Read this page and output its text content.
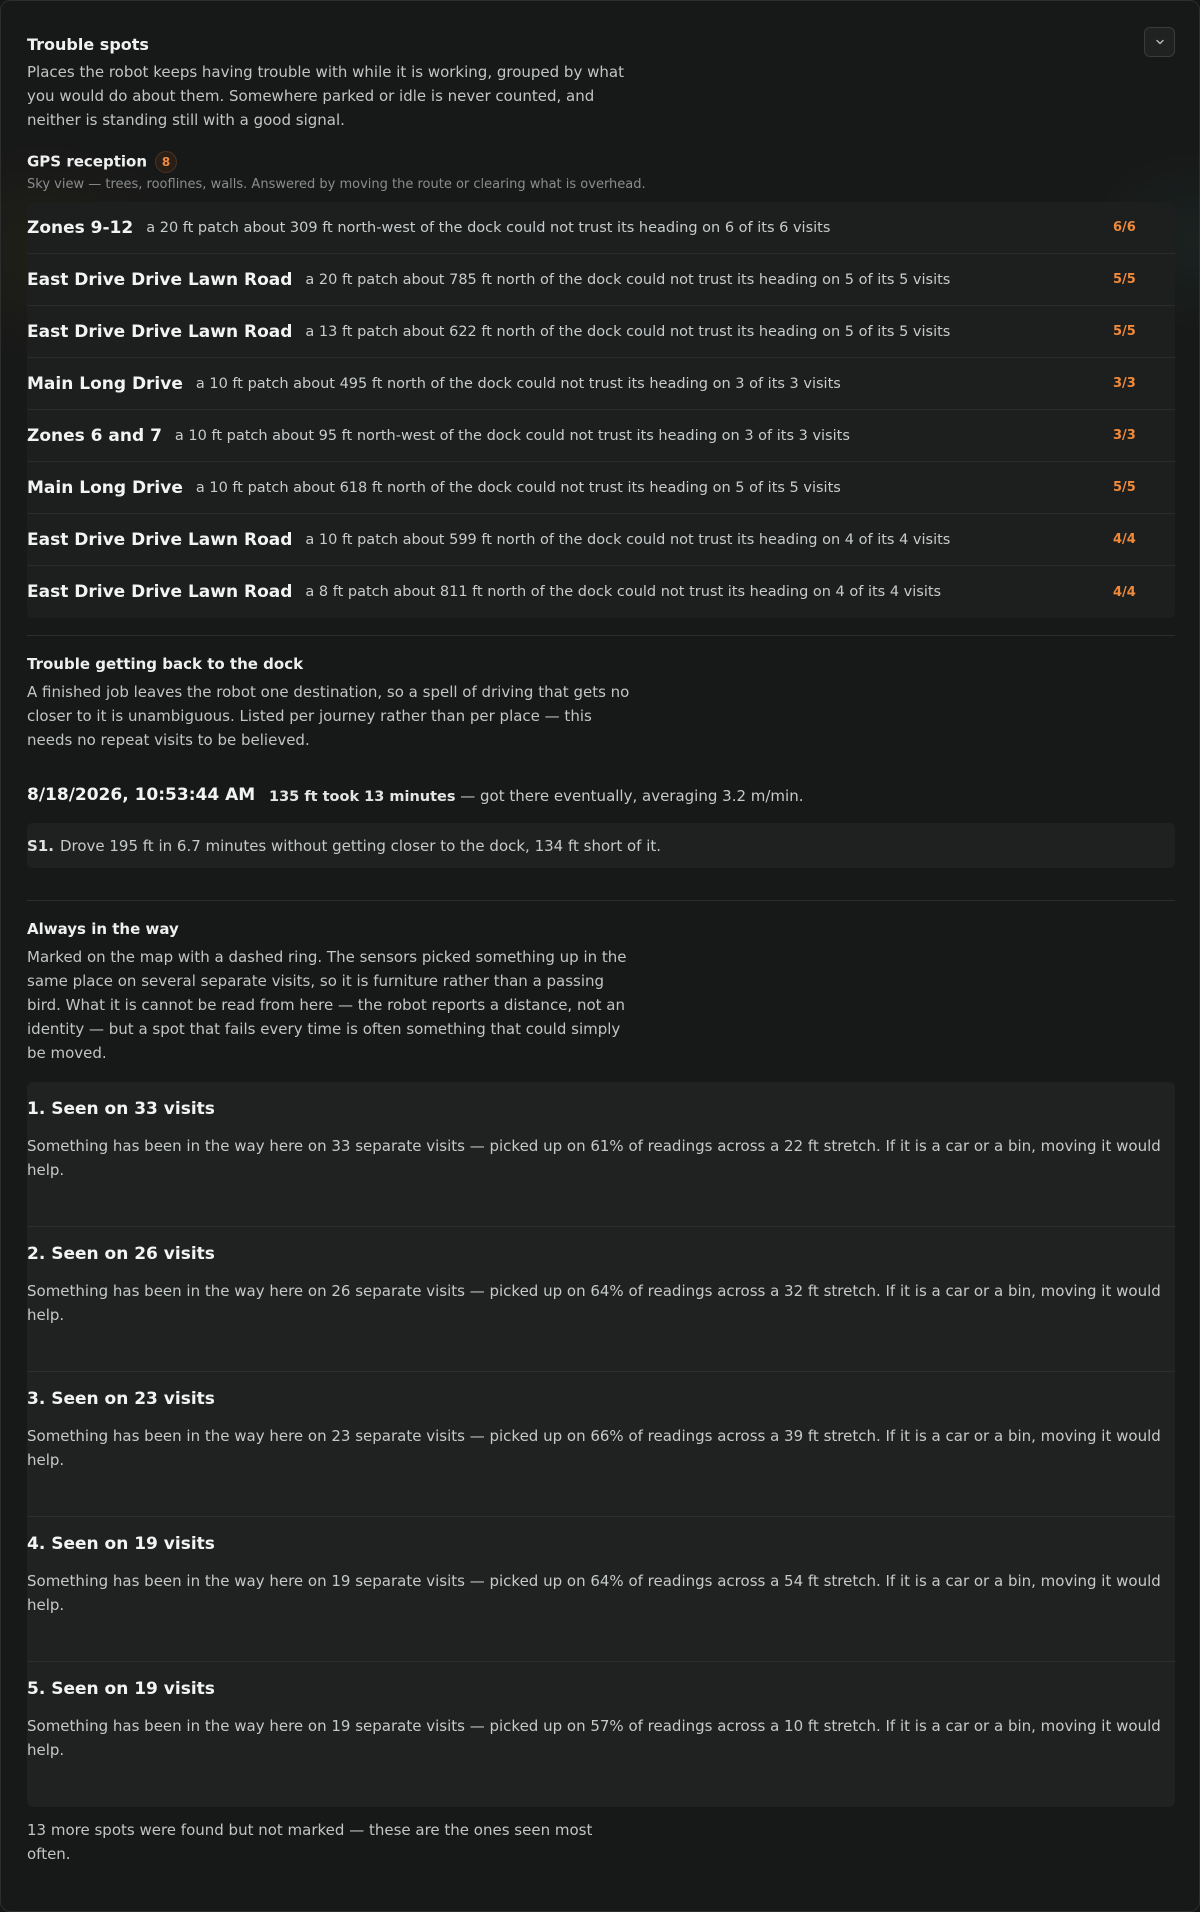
Trouble spots

Places the robot keeps having trouble with while it is working, grouped by what you would do about them. Somewhere parked or idle is never counted, and neither is standing still with a good signal.

GPS reception 8
Sky view — trees, rooflines, walls. Answered by moving the route or clearing what is overhead.
Zones 9-12 a 20 ft patch about 309 ft north-west of the dock could not trust its heading on 6 of its 6 visits	6/6
East Drive Drive Lawn Road a 20 ft patch about 785 ft north of the dock could not trust its heading on 5 of its 5 visits	5/5
East Drive Drive Lawn Road a 13 ft patch about 622 ft north of the dock could not trust its heading on 5 of its 5 visits	5/5
Main Long Drive a 10 ft patch about 495 ft north of the dock could not trust its heading on 3 of its 3 visits	3/3
Zones 6 and 7 a 10 ft patch about 95 ft north-west of the dock could not trust its heading on 3 of its 3 visits	3/3
Main Long Drive a 10 ft patch about 618 ft north of the dock could not trust its heading on 5 of its 5 visits	5/5
East Drive Drive Lawn Road a 10 ft patch about 599 ft north of the dock could not trust its heading on 4 of its 4 visits	4/4
East Drive Drive Lawn Road a 8 ft patch about 811 ft north of the dock could not trust its heading on 4 of its 4 visits	4/4
Trouble getting back to the dock

A finished job leaves the robot one destination, so a spell of driving that gets no closer to it is unambiguous. Listed per journey rather than per place — this needs no repeat visits to be believed.

8/18/2026, 10:53:44 AM 135 ft took 13 minutes — got there eventually, averaging 3.2 m/min.
S1. Drove 195 ft in 6.7 minutes without getting closer to the dock, 134 ft short of it.
Always in the way

Marked on the map with a dashed ring. The sensors picked something up in the same place on several separate visits, so it is furniture rather than a passing bird. What it is cannot be read from here — the robot reports a distance, not an identity — but a spot that fails every time is often something that could simply be moved.

1. Seen on 33 visits
Something has been in the way here on 33 separate visits — picked up on 61% of readings across a 22 ft stretch. If it is a car or a bin, moving it would help.
2. Seen on 26 visits
Something has been in the way here on 26 separate visits — picked up on 64% of readings across a 32 ft stretch. If it is a car or a bin, moving it would help.
3. Seen on 23 visits
Something has been in the way here on 23 separate visits — picked up on 66% of readings across a 39 ft stretch. If it is a car or a bin, moving it would help.
4. Seen on 19 visits
Something has been in the way here on 19 separate visits — picked up on 64% of readings across a 54 ft stretch. If it is a car or a bin, moving it would help.
5. Seen on 19 visits
Something has been in the way here on 19 separate visits — picked up on 57% of readings across a 10 ft stretch. If it is a car or a bin, moving it would help.

13 more spots were found but not marked — these are the ones seen most often.
